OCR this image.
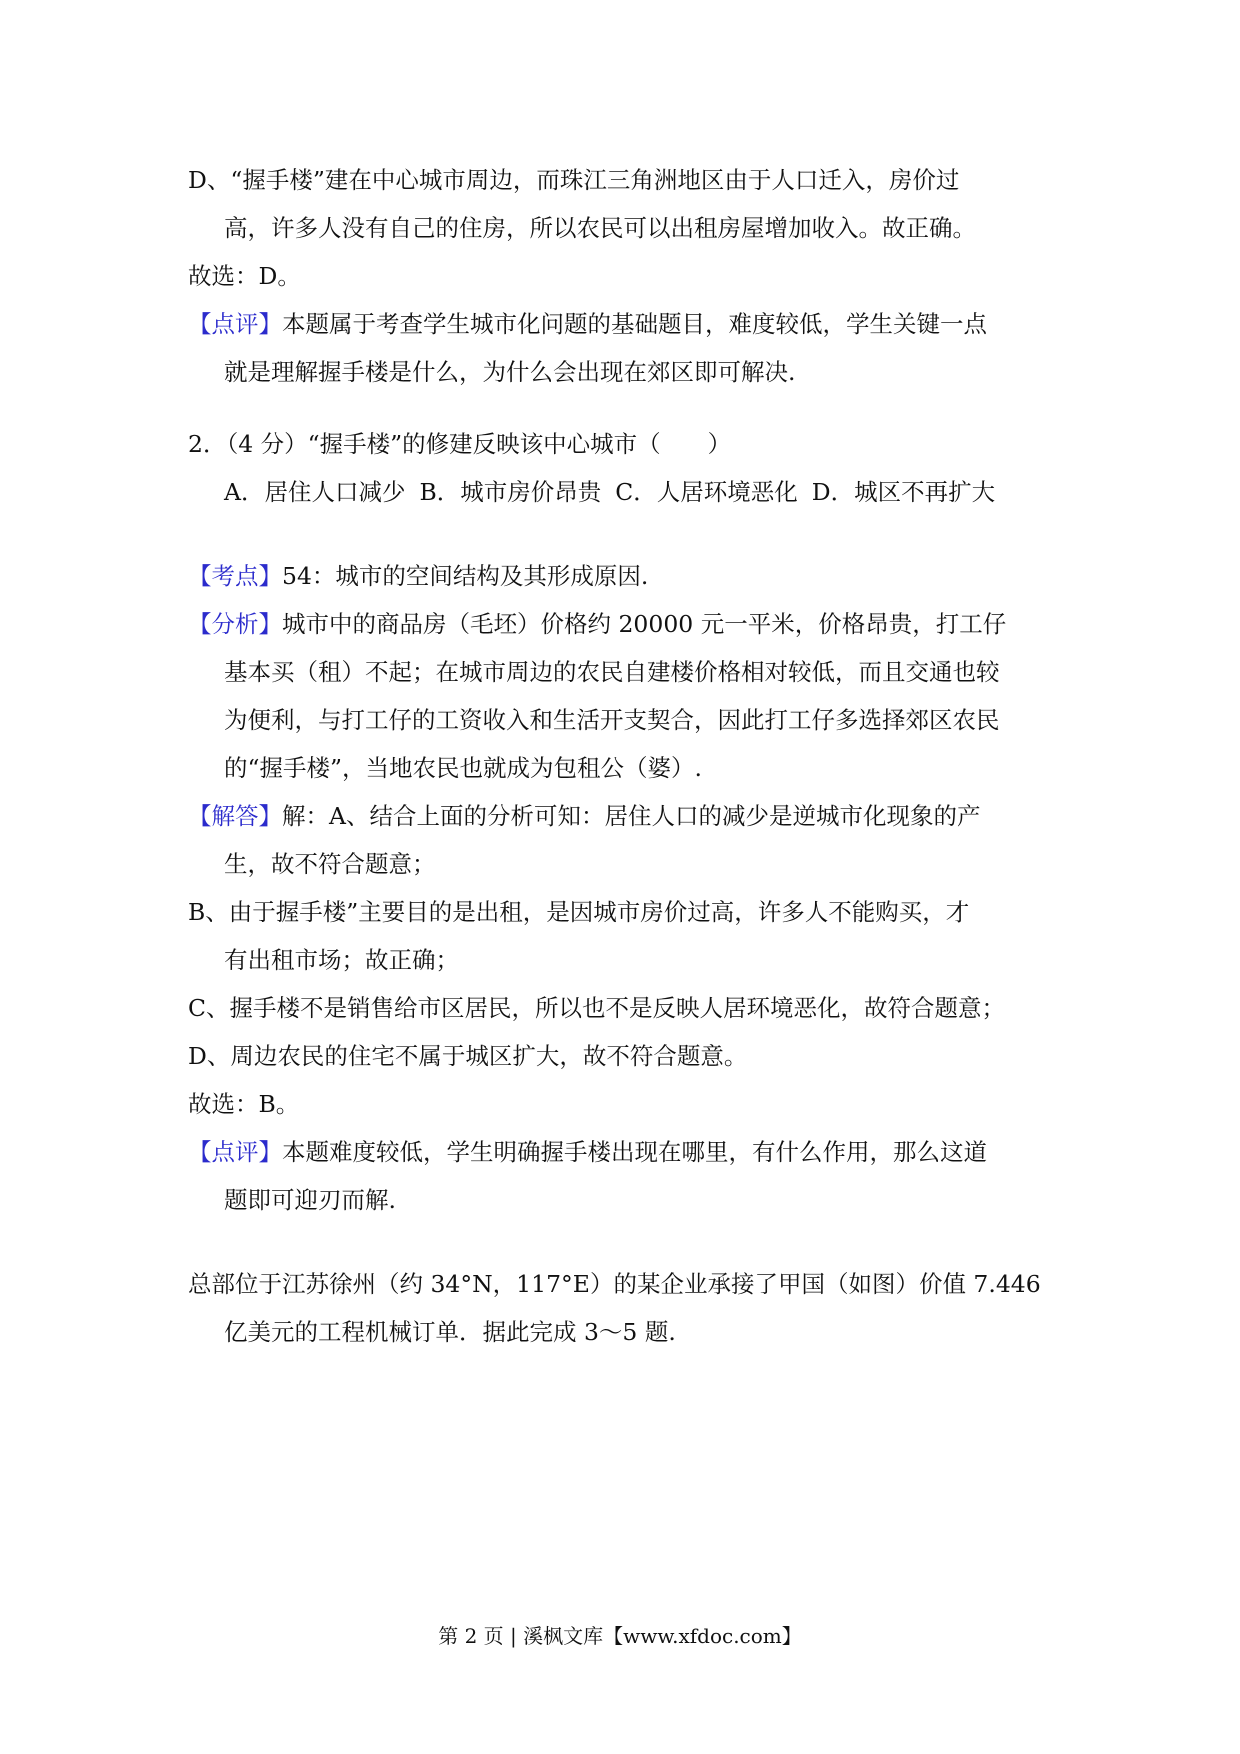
D、“握手楼”建在中心城市周边，而珠江三角洲地区由于人口迁入，房价过
高，许多人没有自己的住房，所以农民可以出租房屋增加收入。故正确。
故选：D。
【点评】本题属于考查学生城市化问题的基础题目，难度较低，学生关键一点
就是理解握手楼是什么，为什么会出现在郊区即可解决.
2．（4 分）“握手楼”的修建反映该中心城市（　　）
A．居住人口减少 B．城市房价昂贵 C．人居环境恶化 D．城区不再扩大
【考点】54：城市的空间结构及其形成原因.
【分析】城市中的商品房（毛坯）价格约 20000 元一平米，价格昂贵，打工仔
基本买（租）不起；在城市周边的农民自建楼价格相对较低，而且交通也较
为便利，与打工仔的工资收入和生活开支契合，因此打工仔多选择郊区农民
的“握手楼”，当地农民也就成为包租公（婆）.
【解答】解：A、结合上面的分析可知：居住人口的减少是逆城市化现象的产
生，故不符合题意；
B、由于握手楼”主要目的是出租，是因城市房价过高，许多人不能购买，才
有出租市场；故正确；
C、握手楼不是销售给市区居民，所以也不是反映人居环境恶化，故符合题意；
D、周边农民的住宅不属于城区扩大，故不符合题意。
故选：B。
【点评】本题难度较低，学生明确握手楼出现在哪里，有什么作用，那么这道
题即可迎刃而解.
总部位于江苏徐州（约 34°N，117°E）的某企业承接了甲国（如图）价值 7.446
亿美元的工程机械订单．据此完成 3～5 题.
第 2 页 | 溪枫文库【www.xfdoc.com】
